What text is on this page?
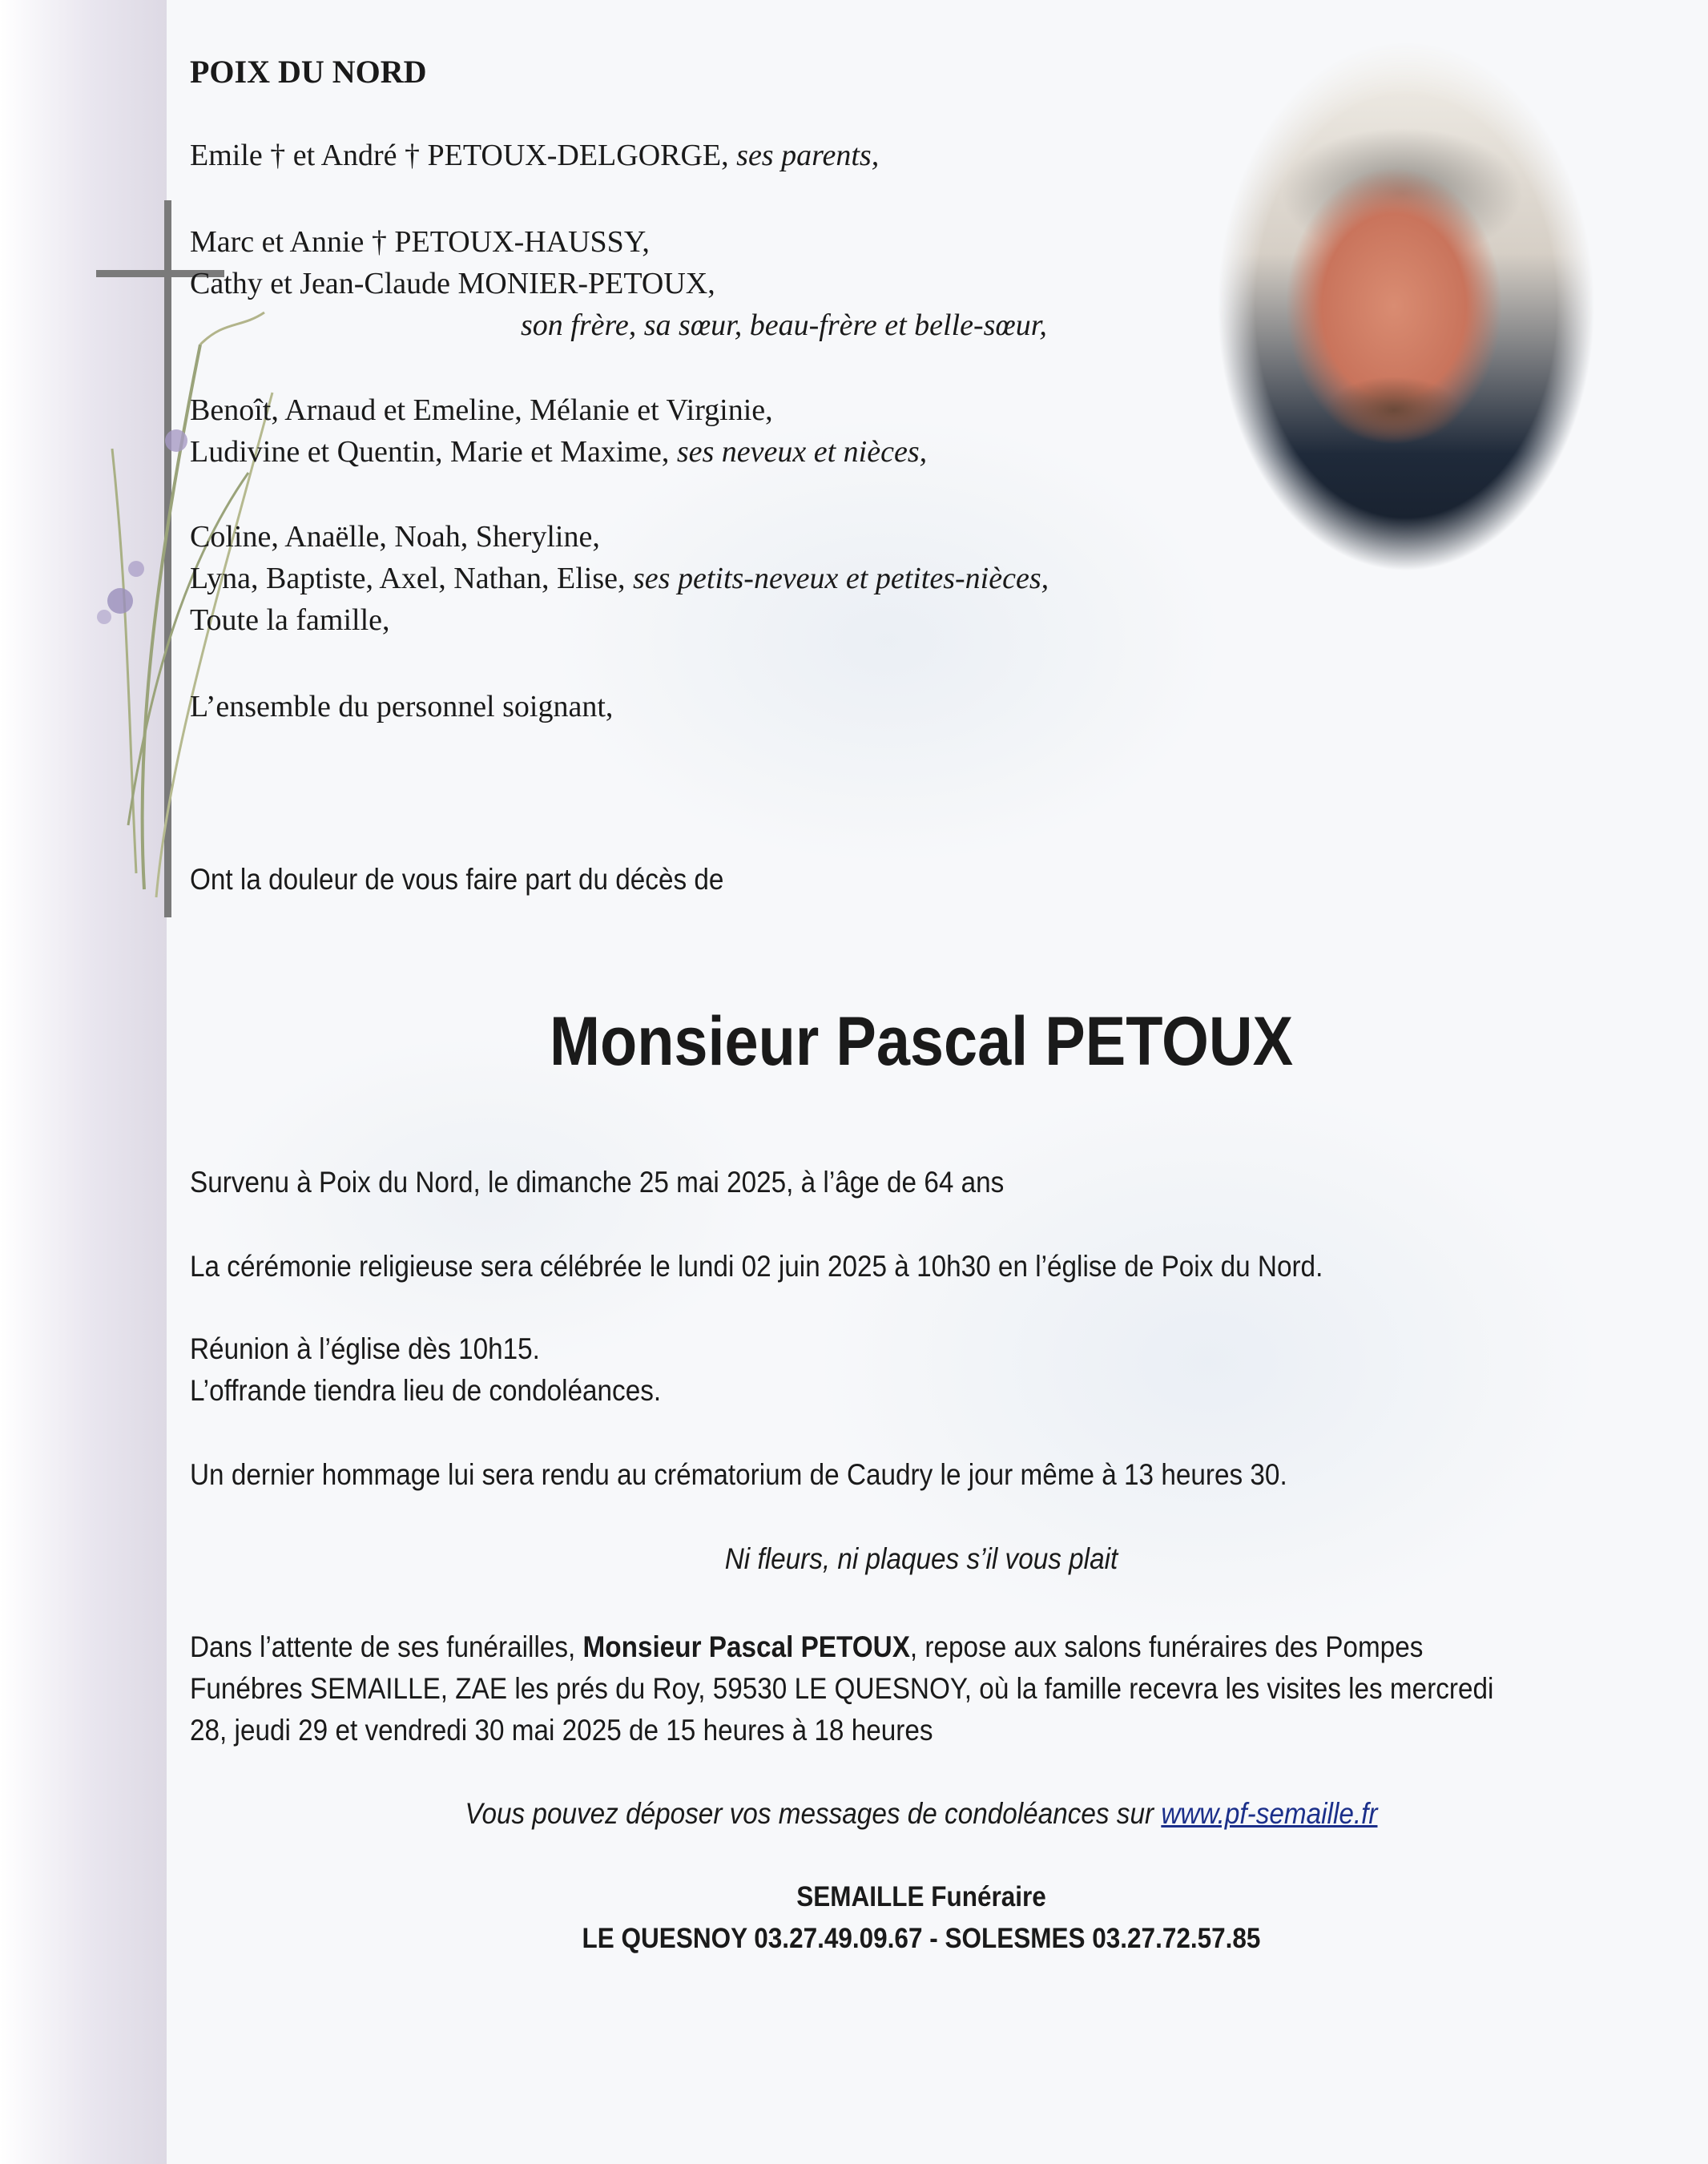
POIX DU NORD
Emile † et André † PETOUX-DELGORGE, ses parents,
Marc et Annie † PETOUX-HAUSSY,
Cathy et Jean-Claude MONIER-PETOUX,
son frère, sa sœur, beau-frère et belle-sœur,
Benoît, Arnaud et Emeline, Mélanie et Virginie,
Ludivine et Quentin, Marie et Maxime, ses neveux et nièces,
Coline, Anaëlle, Noah, Sheryline,
Lyna, Baptiste, Axel, Nathan, Elise, ses petits-neveux et petites-nièces,
Toute la famille,
L’ensemble du personnel soignant,
Ont la douleur de vous faire part du décès de
Monsieur Pascal PETOUX
Survenu à Poix du Nord, le dimanche 25 mai 2025, à l’âge de 64 ans
La cérémonie religieuse sera célébrée le lundi 02 juin 2025 à 10h30 en l’église de Poix du Nord.
Réunion à l’église dès 10h15.
L’offrande tiendra lieu de condoléances.
Un dernier hommage lui sera rendu au crématorium de Caudry le jour même à 13 heures 30.
Ni fleurs, ni plaques s’il vous plait
Dans l’attente de ses funérailles, Monsieur Pascal PETOUX, repose aux salons funéraires des Pompes
Funébres SEMAILLE, ZAE les prés du Roy, 59530 LE QUESNOY, où la famille recevra les visites les mercredi
28, jeudi 29 et vendredi 30 mai 2025 de 15 heures à 18 heures
Vous pouvez déposer vos messages de condoléances sur www.pf-semaille.fr
SEMAILLE Funéraire
LE QUESNOY 03.27.49.09.67 - SOLESMES 03.27.72.57.85
